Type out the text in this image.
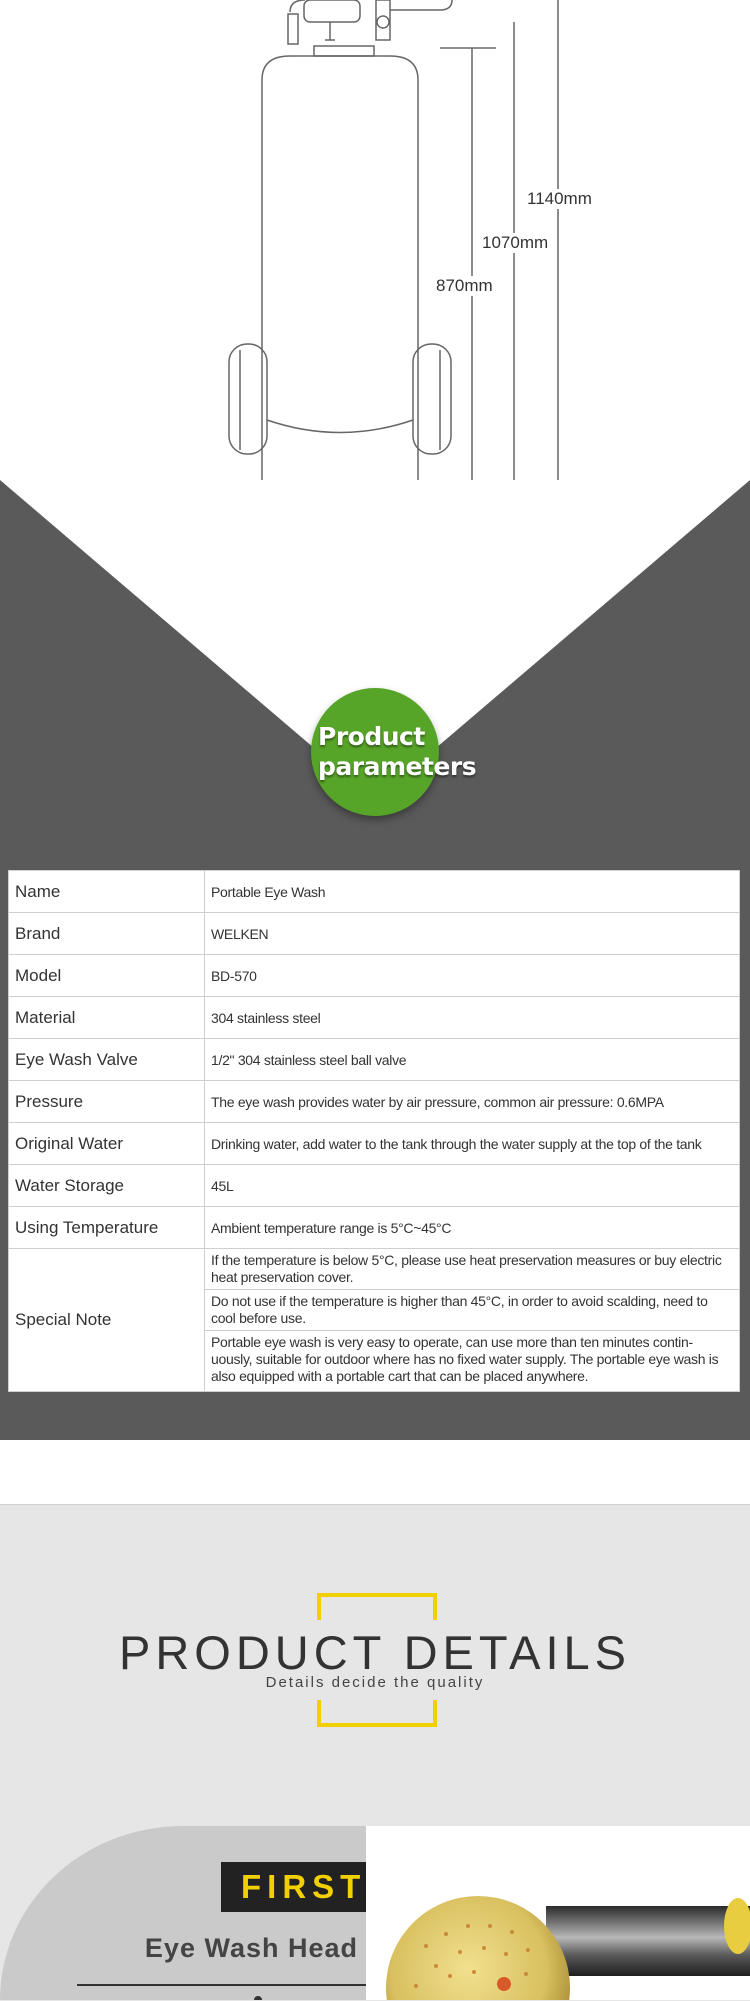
1140mm
1070mm
870mm
Product
parameters
Name	Portable Eye Wash
Brand	WELKEN
Model	BD-570
Material	304 stainless steel
Eye Wash Valve	1/2" 304 stainless steel ball valve
Pressure	The eye wash provides water by air pressure, common air pressure: 0.6MPA
Original Water	Drinking water, add water to the tank through the water supply at the top of the tank
Water Storage	45L
Using Temperature	Ambient temperature range is 5°C~45°C
Special Note	If the temperature is below 5°C, please use heat preservation measures or buy electric heat preservation cover.
	Do not use if the temperature is higher than 45°C, in order to avoid scalding, need to cool before use.
	Portable eye wash is very easy to operate, can use more than ten minutes contin-uously, suitable for outdoor where has no fixed water supply. The portable eye wash is also equipped with a portable cart that can be placed anywhere.
PRODUCT DETAILS
Details decide the quality
FIRST
Eye Wash Head
